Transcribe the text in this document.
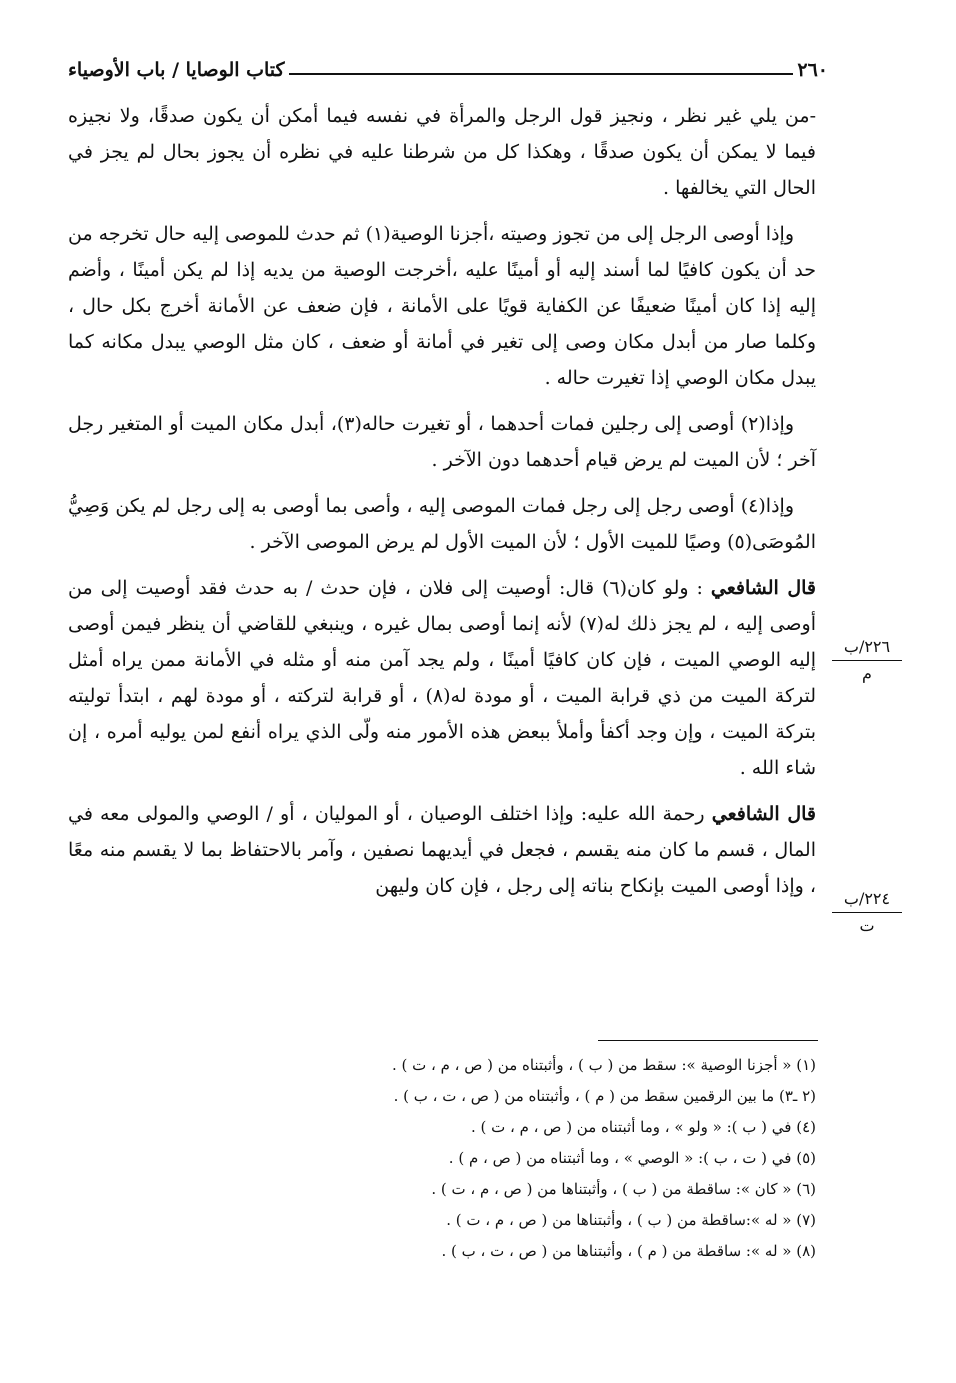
٢٦٠
كتاب الوصايا / باب الأوصياء

-من يلي غير نظر ، ونجيز قول الرجل والمرأة في نفسه فيما أمكن أن يكون صدقًا، ولا نجيزه فيما لا يمكن أن يكون صدقًا ، وهكذا كل من شرطنا عليه في نظره أن يجوز بحال لم يجز في الحال التي يخالفها .

وإذا أوصى الرجل إلى من تجوز وصيته ،أجزنا الوصية(١) ثم حدث للموصى إليه حال تخرجه من حد أن يكون كافيًا لما أسند إليه أو أمينًا عليه ،أخرجت الوصية من يديه إذا لم يكن أمينًا ، وأضم إليه إذا كان أمينًا ضعيفًا عن الكفاية قويًا على الأمانة ، فإن ضعف عن الأمانة أخرج بكل حال ، وكلما صار من أبدل مكان وصى إلى تغير في أمانة أو ضعف ، كان مثل الوصي يبدل مكانه كما يبدل مكان الوصي إذا تغيرت حاله .

وإذا(٢) أوصى إلى رجلين فمات أحدهما ، أو تغيرت حاله(٣)، أبدل مكان الميت أو المتغير رجل آخر ؛ لأن الميت لم يرض قيام أحدهما دون الآخر .

وإذا(٤) أوصى رجل إلى رجل فمات الموصى إليه ، وأصى بما أوصى به إلى رجل لم يكن وَصِيُّ المُوصَى(٥) وصيًا للميت الأول ؛ لأن الميت الأول لم يرض الموصى الآخر .

قال الشافعي : ولو كان(٦) قال: أوصيت إلى فلان ، فإن حدث / به حدث فقد أوصيت إلى من أوصى إليه ، لم يجز ذلك له(٧) لأنه إنما أوصى بمال غيره ، وينبغي للقاضي أن ينظر فيمن أوصى إليه الوصي الميت ، فإن كان كافيًا أمينًا ، ولم يجد آمن منه أو مثله في الأمانة ممن يراه أمثل لتركة الميت من ذي قرابة الميت ، أو مودة له(٨) ، أو قرابة لتركته ، أو مودة لهم ، ابتدأ توليته بتركة الميت ، وإن وجد أكفأ وأملأ ببعض هذه الأمور منه ولّى الذي يراه أنفع لمن يوليه أمره ، إن شاء الله .

قال الشافعي رحمة الله عليه: وإذا اختلف الوصيان ، أو المولیان ، أو / الوصي والمولى معه في المال ، قسم ما كان منه يقسم ، فجعل في أيديهما نصفين ، وآمر بالاحتفاظ بما لا يقسم منه معًا ، وإذا أوصى الميت بإنكاح بناته إلى رجل ، فإن كان وليهن

٢٢٦/ب
م
٢٢٤/ب
ت
(١) « أجزنا الوصية »: سقط من ( ب ) ، وأثبتناه من ( ص ، م ، ت ) .
(٢ ـ٣) ما بين الرقمين سقط من ( م ) ، وأثبتناه من ( ص ، ت ، ب ) .
(٤) في ( ب ): « ولو » ، وما أثبتناه من ( ص ، م ، ت ) .
(٥) في ( ت ، ب ): « الوصي » ، وما أثبتناه من ( ص ، م ) .
(٦) « كان »: ساقطة من ( ب ) ، وأثبتناها من ( ص ، م ، ت ) .
(٧) « له »:ساقطة من ( ب ) ، وأثبتناها من ( ص ، م ، ت ) .
(٨) « له »: ساقطة من ( م ) ، وأثبتناها من ( ص ، ت ، ب ) .
